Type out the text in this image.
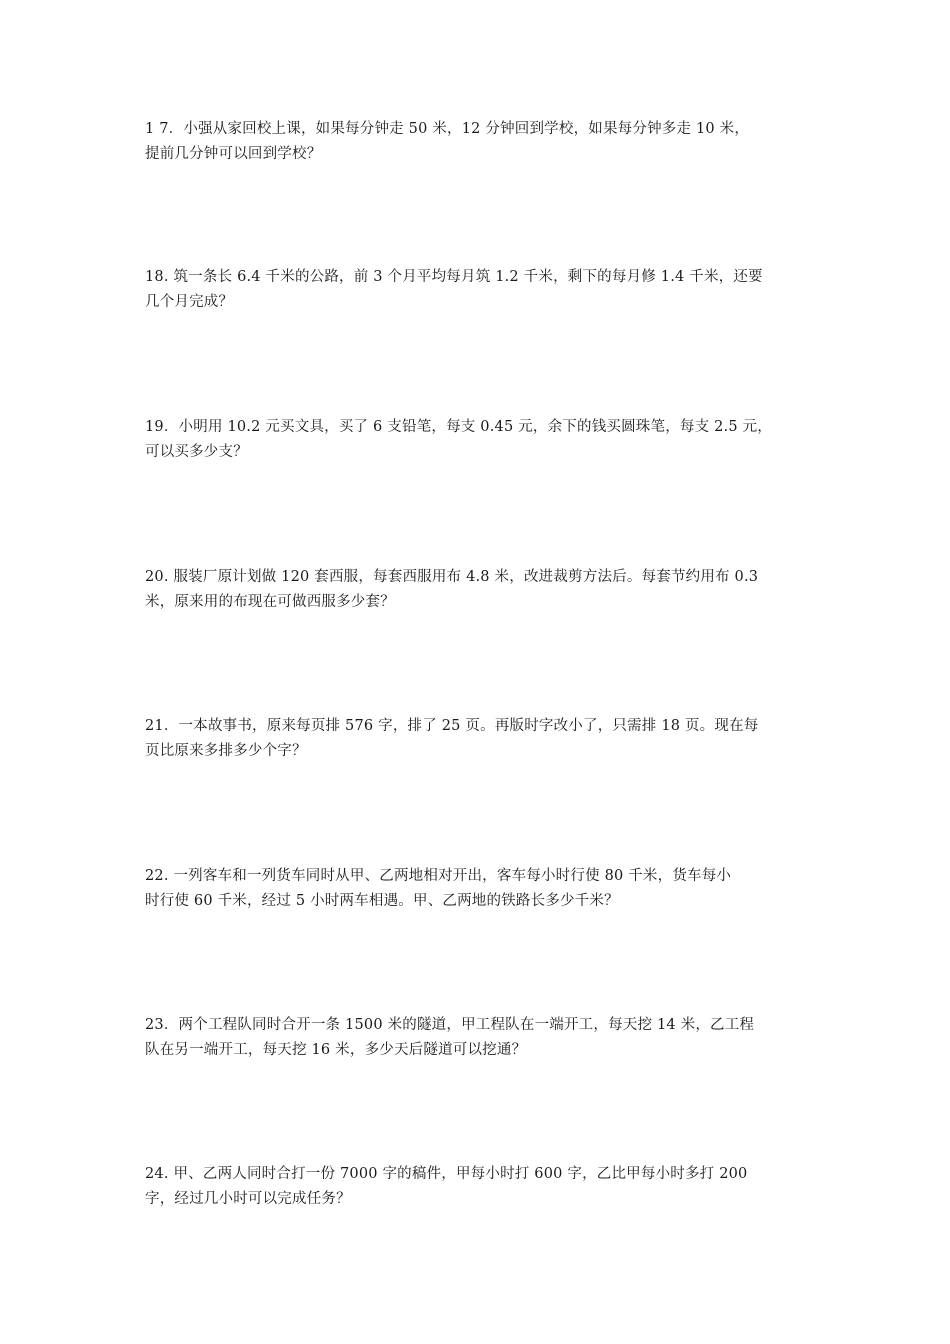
1 7．小强从家回校上课，如果每分钟走 50 米，12 分钟回到学校，如果每分钟多走 10 米，
提前几分钟可以回到学校？

18. 筑一条长 6.4 千米的公路，前 3 个月平均每月筑 1.2 千米，剩下的每月修 1.4 千米，还要
几个月完成？

19．小明用 10.2 元买文具，买了 6 支铅笔，每支 0.45 元，余下的钱买圆珠笔，每支 2.5 元，
可以买多少支？

20. 服装厂原计划做 120 套西服，每套西服用布 4.8 米，改进裁剪方法后。每套节约用布 0.3
米，原来用的布现在可做西服多少套？

21．一本故事书，原来每页排 576 字，排了 25 页。再版时字改小了，只需排 18 页。现在每
页比原来多排多少个字？

22. 一列客车和一列货车同时从甲、乙两地相对开出，客车每小时行使 80 千米，货车每小
时行使 60 千米，经过 5 小时两车相遇。甲、乙两地的铁路长多少千米？

23．两个工程队同时合开一条 1500 米的隧道，甲工程队在一端开工，每天挖 14 米，乙工程
队在另一端开工，每天挖 16 米，多少天后隧道可以挖通？

24. 甲、乙两人同时合打一份 7000 字的稿件，甲每小时打 600 字，乙比甲每小时多打 200
字，经过几小时可以完成任务？
